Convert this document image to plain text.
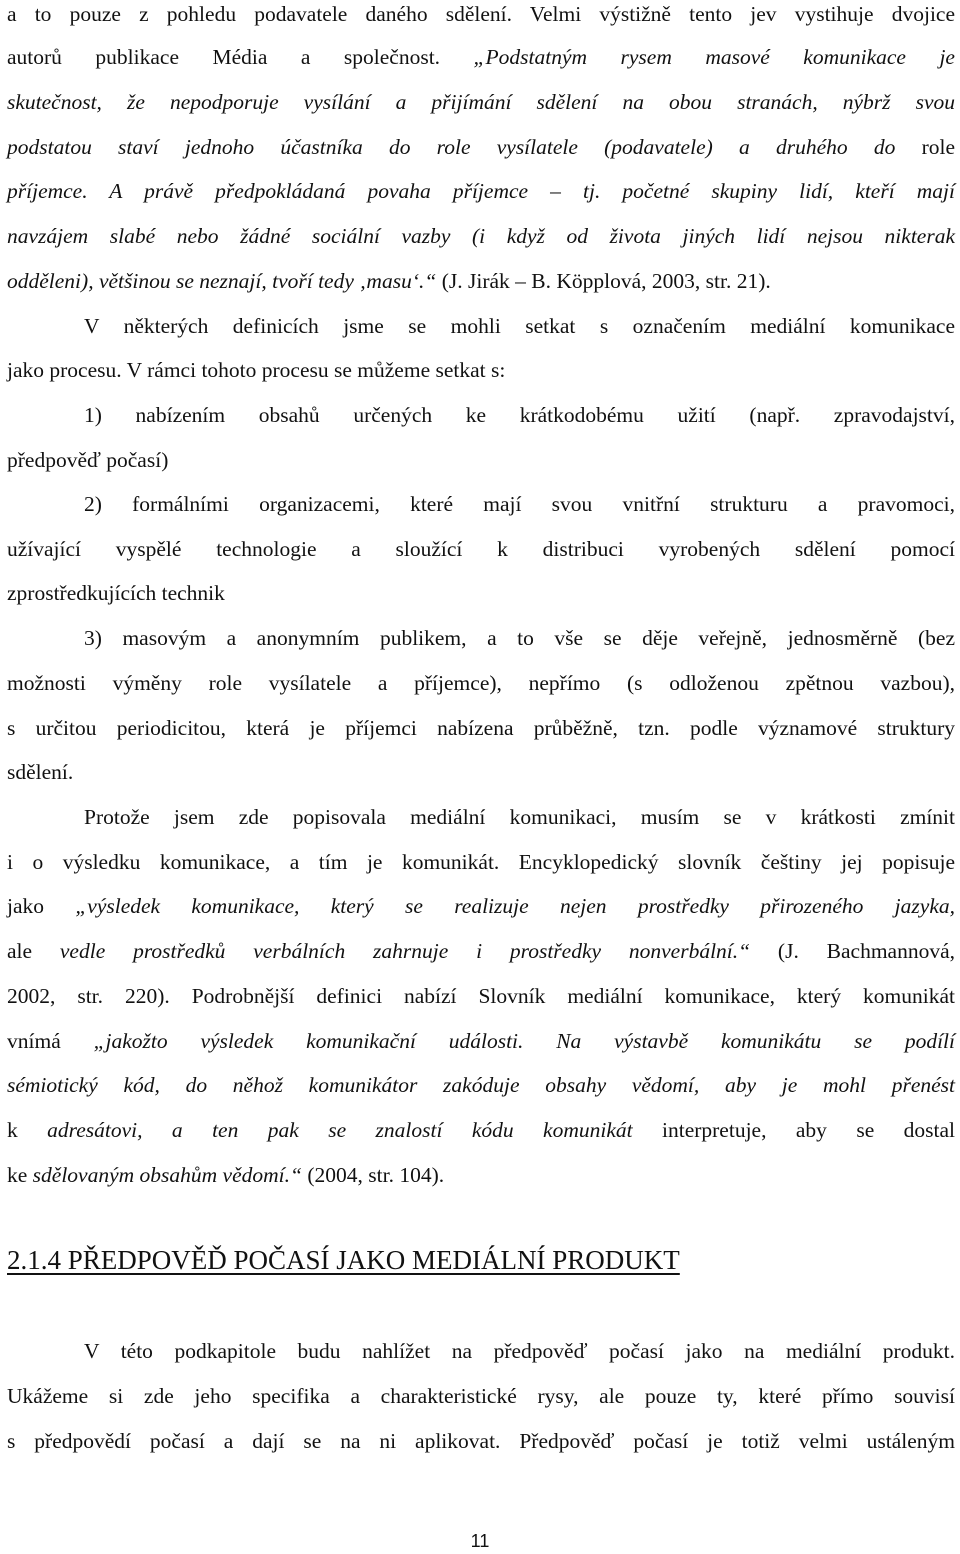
a to pouze z pohledu podavatele daného sdělení. Velmi výstižně tento jev vystihuje dvojice
autorů publikace Média a společnost. „Podstatným rysem masové komunikace je
skutečnost, že nepodporuje vysílání a přijímání sdělení na obou stranách, nýbrž svou
podstatou staví jednoho účastníka do role vysílatele (podavatele) a druhého do role
příjemce. A právě předpokládaná povaha příjemce – tj. početné skupiny lidí, kteří mají
navzájem slabé nebo žádné sociální vazby (i když od života jiných lidí nejsou nikterak
odděleni), většinou se neznají, tvoří tedy ‚masu‘.“ (J. Jirák – B. Köpplová, 2003, str. 21).
V některých definicích jsme se mohli setkat s označením mediální komunikace
jako procesu. V rámci tohoto procesu se můžeme setkat s:
1) nabízením obsahů určených ke krátkodobému užití (např. zpravodajství,
předpověď počasí)
2) formálními organizacemi, které mají svou vnitřní strukturu a pravomoci,
užívající vyspělé technologie a sloužící k distribuci vyrobených sdělení pomocí
zprostředkujících technik
3) masovým a anonymním publikem, a to vše se děje veřejně, jednosměrně (bez
možnosti výměny role vysílatele a příjemce), nepřímo (s odloženou zpětnou vazbou),
s určitou periodicitou, která je příjemci nabízena průběžně, tzn. podle významové struktury
sdělení.
Protože jsem zde popisovala mediální komunikaci, musím se v krátkosti zmínit
i o výsledku komunikace, a tím je komunikát. Encyklopedický slovník češtiny jej popisuje
jako „výsledek komunikace, který se realizuje nejen prostředky přirozeného jazyka,
ale vedle prostředků verbálních zahrnuje i prostředky nonverbální.“ (J. Bachmannová,
2002, str. 220). Podrobnější definici nabízí Slovník mediální komunikace, který komunikát
vnímá „jakožto výsledek komunikační události. Na výstavbě komunikátu se podílí
sémiotický kód, do něhož komunikátor zakóduje obsahy vědomí, aby je mohl přenést
k adresátovi, a ten pak se znalostí kódu komunikát interpretuje, aby se dostal
ke sdělovaným obsahům vědomí.“ (2004, str. 104).
2.1.4 PŘEDPOVĚĎ POČASÍ JAKO MEDIÁLNÍ PRODUKT
V této podkapitole budu nahlížet na předpověď počasí jako na mediální produkt.
Ukážeme si zde jeho specifika a charakteristické rysy, ale pouze ty, které přímo souvisí
s předpovědí počasí a dají se na ni aplikovat. Předpověď počasí je totiž velmi ustáleným
11
